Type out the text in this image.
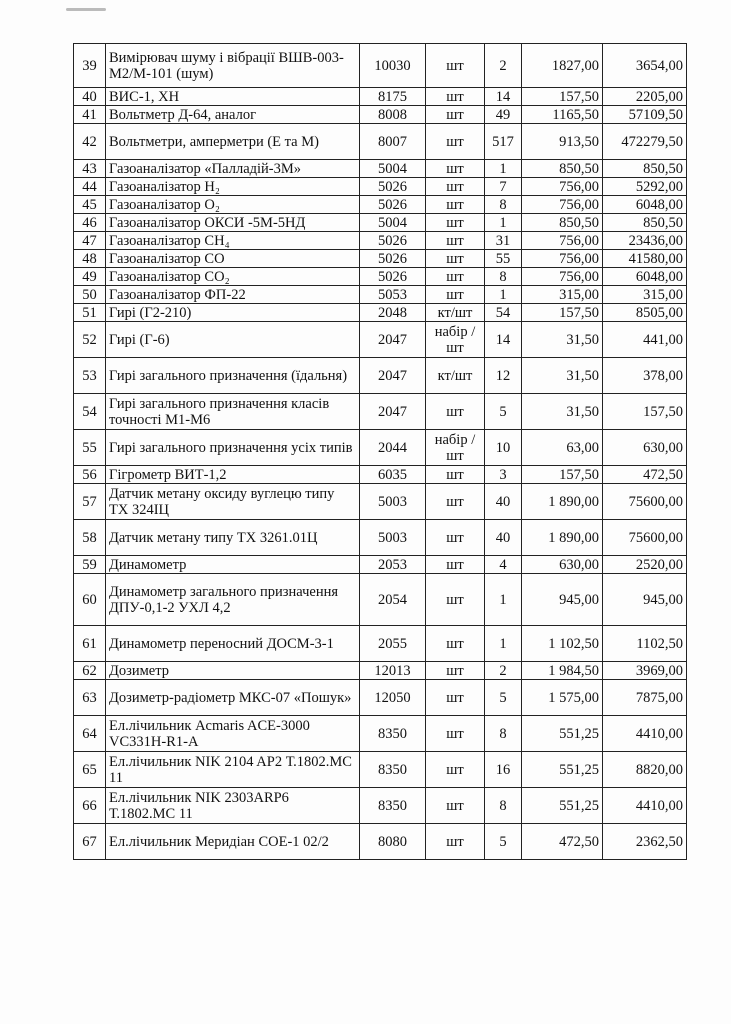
39	Вимірювач шуму і вібрації ВШВ-003- М2/М-101 (шум)	10030	шт	2	1827,00	3654,00
40	ВИС-1, ХН	8175	шт	14	157,50	2205,00
41	Вольтметр Д-64, аналог	8008	шт	49	1165,50	57109,50
42	Вольтметри, амперметри (Е та М)	8007	шт	517	913,50	472279,50
43	Газоаналізатор «Палладій-3М»	5004	шт	1	850,50	850,50
44	Газоаналізатор H₂	5026	шт	7	756,00	5292,00
45	Газоаналізатор O₂	5026	шт	8	756,00	6048,00
46	Газоаналізатор ОКСИ -5М-5НД	5004	шт	1	850,50	850,50
47	Газоаналізатор CH₄	5026	шт	31	756,00	23436,00
48	Газоаналізатор CO	5026	шт	55	756,00	41580,00
49	Газоаналізатор CO₂	5026	шт	8	756,00	6048,00
50	Газоаналізатор ФП-22	5053	шт	1	315,00	315,00
51	Гирі (Г2-210)	2048	кт/шт	54	157,50	8505,00
52	Гирі (Г-6)	2047	набір /шт	14	31,50	441,00
53	Гирі загального призначення (їдальня)	2047	кт/шт	12	31,50	378,00
54	Гирі загального призначення класів точності М1-М6	2047	шт	5	31,50	157,50
55	Гирі загального призначення усіх типів	2044	набір /шт	10	63,00	630,00
56	Гігрометр ВИТ-1,2	6035	шт	3	157,50	472,50
57	Датчик метану оксиду вуглецю типу ТХ 324ІЦ	5003	шт	40	1 890,00	75600,00
58	Датчик метану типу ТХ 3261.01Ц	5003	шт	40	1 890,00	75600,00
59	Динамометр	2053	шт	4	630,00	2520,00
60	Динамометр загального призначення ДПУ-0,1-2 УХЛ 4,2	2054	шт	1	945,00	945,00
61	Динамометр переносний ДОСМ-3-1	2055	шт	1	1 102,50	1102,50
62	Дозиметр	12013	шт	2	1 984,50	3969,00
63	Дозиметр-радіометр МКС-07 «Пошук»	12050	шт	5	1 575,00	7875,00
64	Ел.лічильник Acmaris ACE-3000 VC331H-R1-A	8350	шт	8	551,25	4410,00
65	Ел.лічильник NIK 2104 AP2 Т.1802.МС 11	8350	шт	16	551,25	8820,00
66	Ел.лічильник NIK 2303ARP6 Т.1802.МС 11	8350	шт	8	551,25	4410,00
67	Ел.лічильник Меридіан СОЕ-1 02/2	8080	шт	5	472,50	2362,50
